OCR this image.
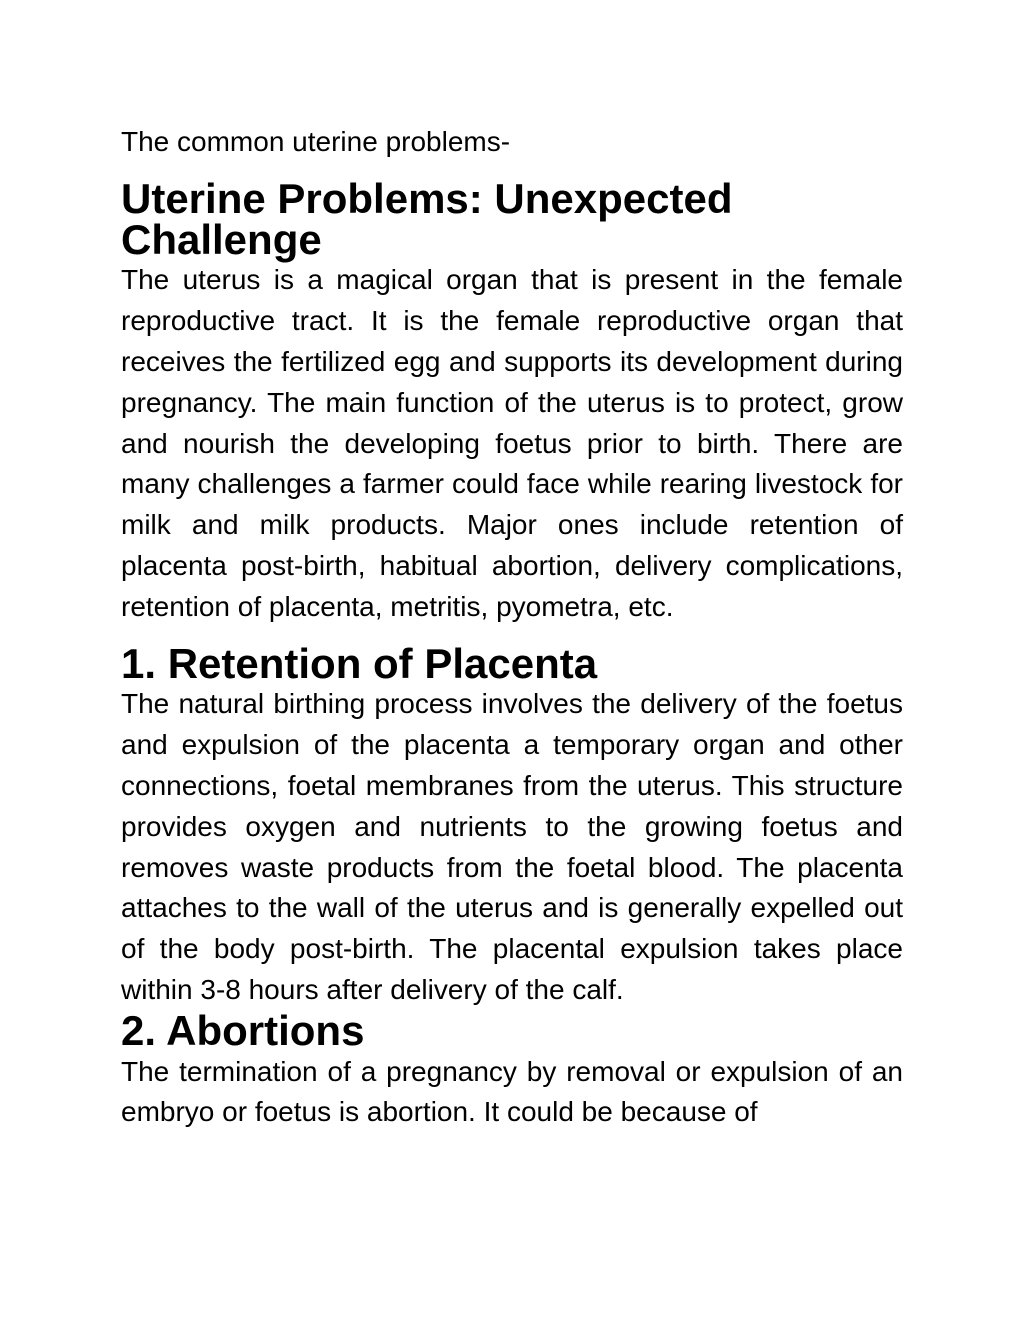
The common uterine problems-

Uterine Problems: Unexpected Challenge

The uterus is a magical organ that is present in the female reproductive tract. It is the female reproductive organ that receives the fertilized egg and supports its development during pregnancy. The main function of the uterus is to protect, grow and nourish the developing foetus prior to birth. There are many challenges a farmer could face while rearing livestock for milk and milk products. Major ones include retention of placenta post-birth, habitual abortion, delivery complications, retention of placenta, metritis, pyometra, etc.

1. Retention of Placenta

The natural birthing process involves the delivery of the foetus and expulsion of the placenta a temporary organ and other connections, foetal membranes from the uterus. This structure provides oxygen and nutrients to the growing foetus and removes waste products from the foetal blood. The placenta attaches to the wall of the uterus and is generally expelled out of the body post-birth. The placental expulsion takes place within 3-8 hours after delivery of the calf.

2. Abortions

The termination of a pregnancy by removal or expulsion of an embryo or foetus is abortion. It could be because of
